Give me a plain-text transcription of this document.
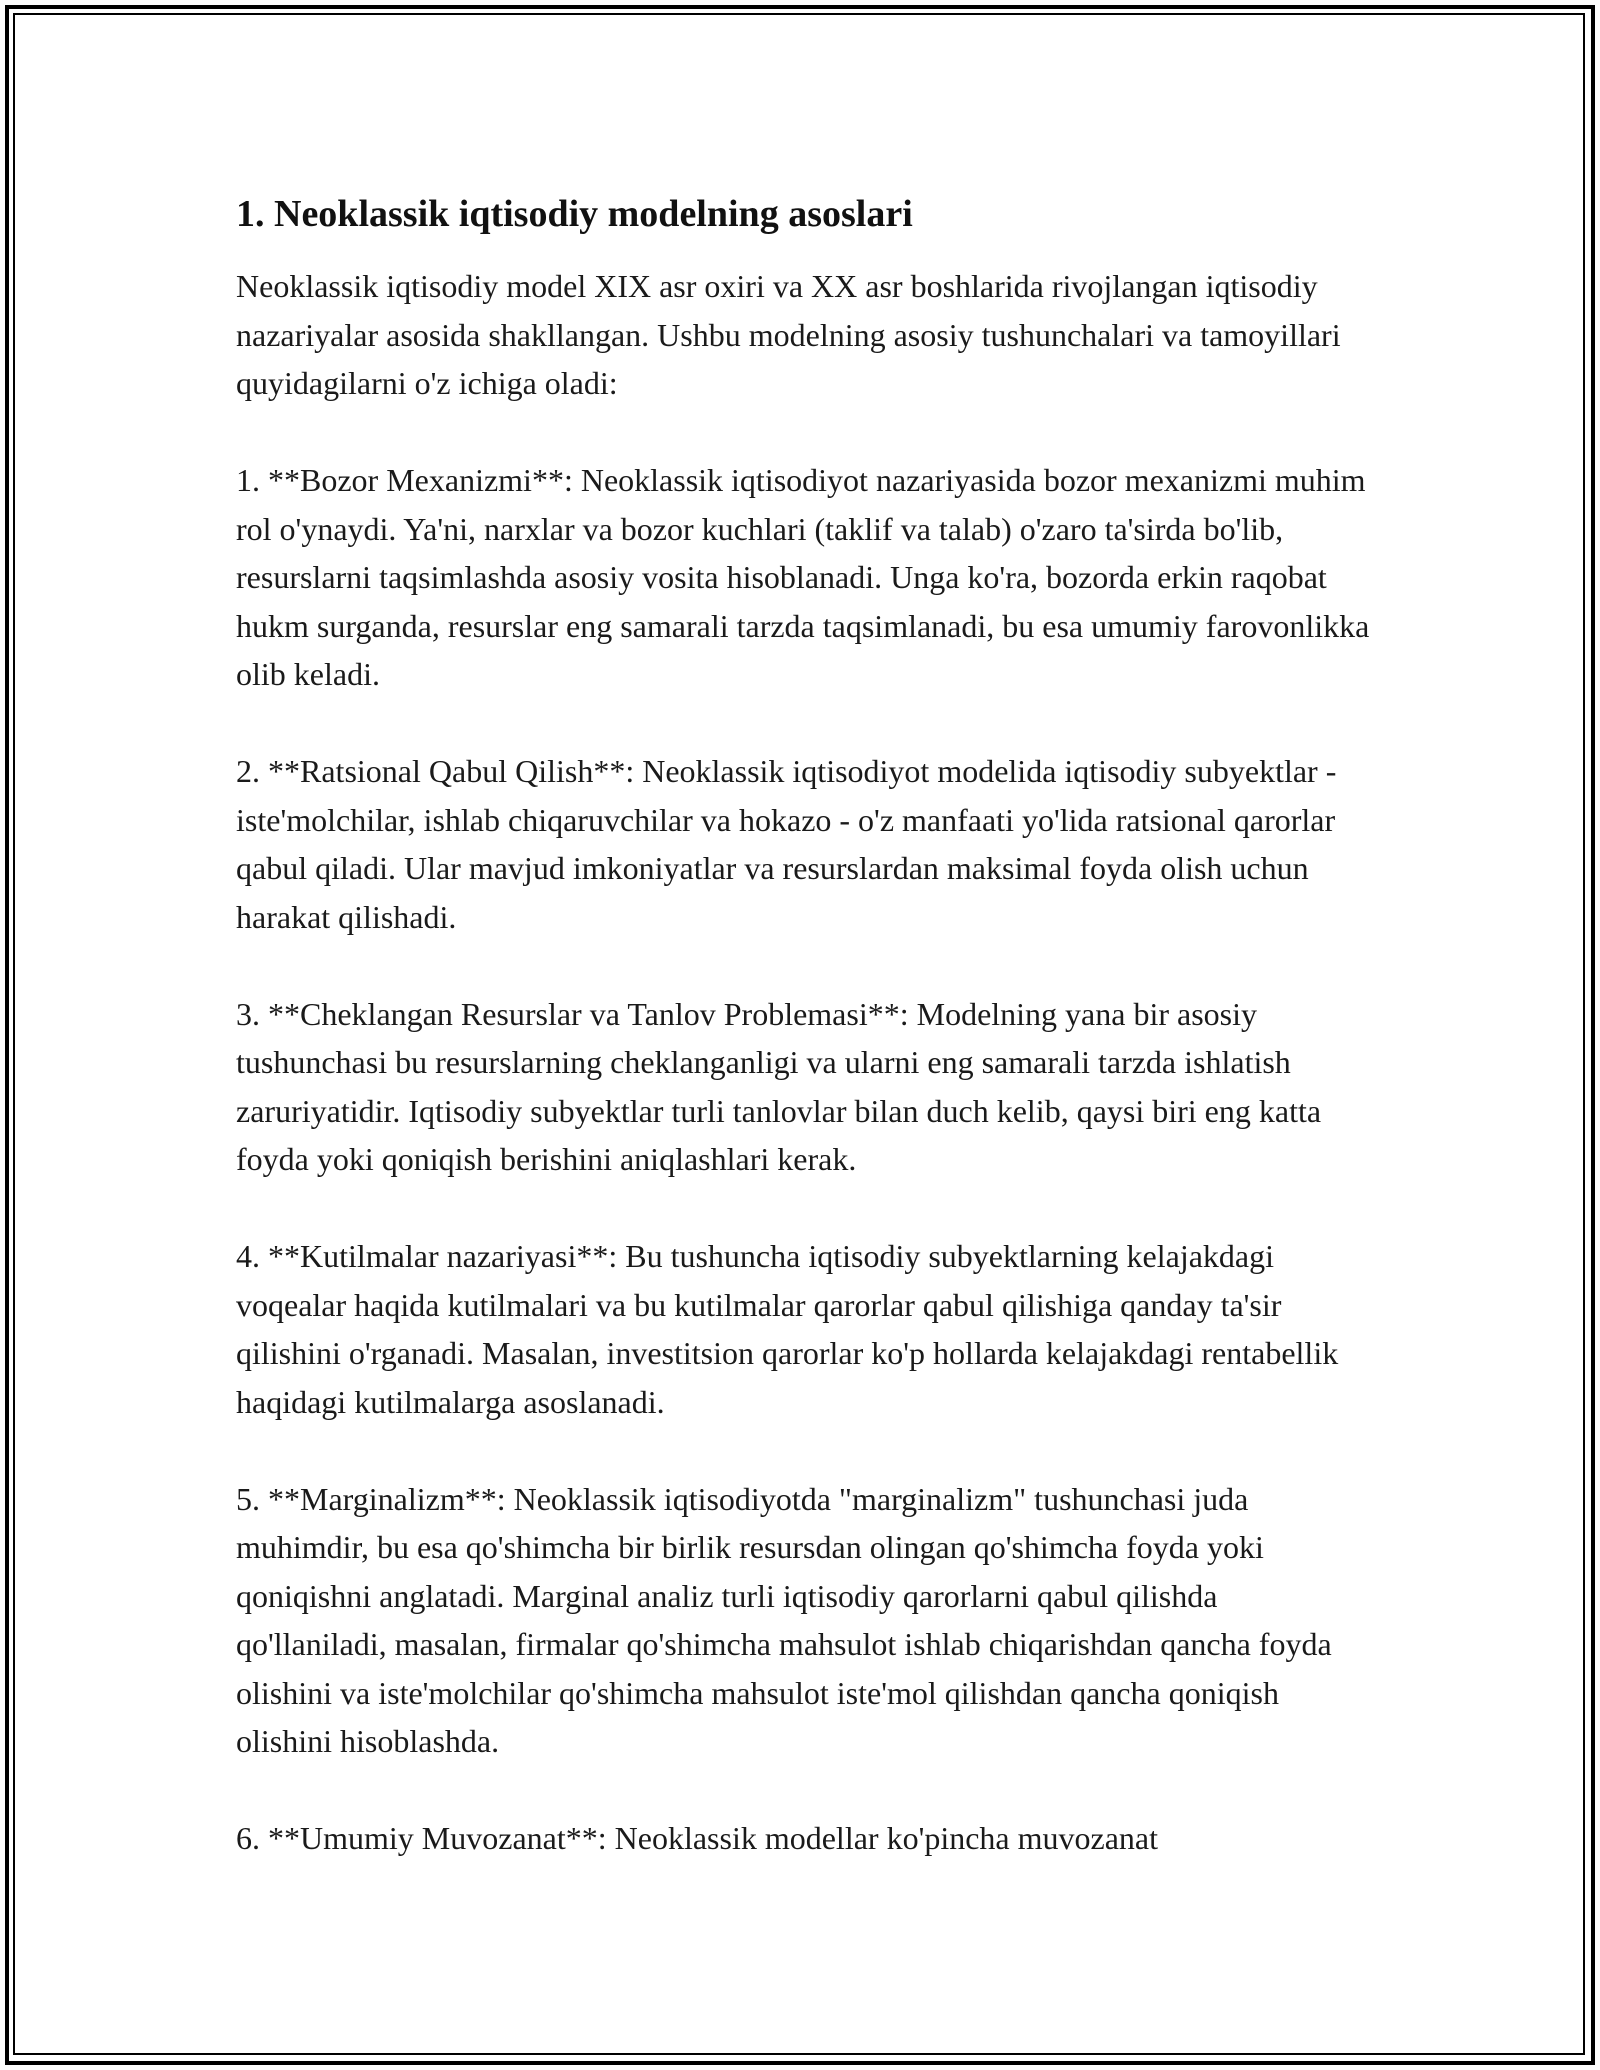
1. Neoklassik iqtisodiy modelning asoslari

Neoklassik iqtisodiy model XIX asr oxiri va XX asr boshlarida rivojlangan iqtisodiy nazariyalar asosida shakllangan. Ushbu modelning asosiy tushunchalari va tamoyillari quyidagilarni o'z ichiga oladi:

1. **Bozor Mexanizmi**: Neoklassik iqtisodiyot nazariyasida bozor mexanizmi muhim rol o'ynaydi. Ya'ni, narxlar va bozor kuchlari (taklif va talab) o'zaro ta'sirda bo'lib, resurslarni taqsimlashda asosiy vosita hisoblanadi. Unga ko'ra, bozorda erkin raqobat hukm surganda, resurslar eng samarali tarzda taqsimlanadi, bu esa umumiy farovonlikka olib keladi.

2. **Ratsional Qabul Qilish**: Neoklassik iqtisodiyot modelida iqtisodiy subyektlar - iste'molchilar, ishlab chiqaruvchilar va hokazo - o'z manfaati yo'lida ratsional qarorlar qabul qiladi. Ular mavjud imkoniyatlar va resurslardan maksimal foyda olish uchun harakat qilishadi.

3. **Cheklangan Resurslar va Tanlov Problemasi**: Modelning yana bir asosiy tushunchasi bu resurslarning cheklanganligi va ularni eng samarali tarzda ishlatish zaruriyatidir. Iqtisodiy subyektlar turli tanlovlar bilan duch kelib, qaysi biri eng katta foyda yoki qoniqish berishini aniqlashlari kerak.

4. **Kutilmalar nazariyasi**: Bu tushuncha iqtisodiy subyektlarning kelajakdagi voqealar haqida kutilmalari va bu kutilmalar qarorlar qabul qilishiga qanday ta'sir qilishini o'rganadi. Masalan, investitsion qarorlar ko'p hollarda kelajakdagi rentabellik haqidagi kutilmalarga asoslanadi.

5. **Marginalizm**: Neoklassik iqtisodiyotda "marginalizm" tushunchasi juda muhimdir, bu esa qo'shimcha bir birlik resursdan olingan qo'shimcha foyda yoki qoniqishni anglatadi. Marginal analiz turli iqtisodiy qarorlarni qabul qilishda qo'llaniladi, masalan, firmalar qo'shimcha mahsulot ishlab chiqarishdan qancha foyda olishini va iste'molchilar qo'shimcha mahsulot iste'mol qilishdan qancha qoniqish olishini hisoblashda.

6. **Umumiy Muvozanat**: Neoklassik modellar ko'pincha muvozanat
